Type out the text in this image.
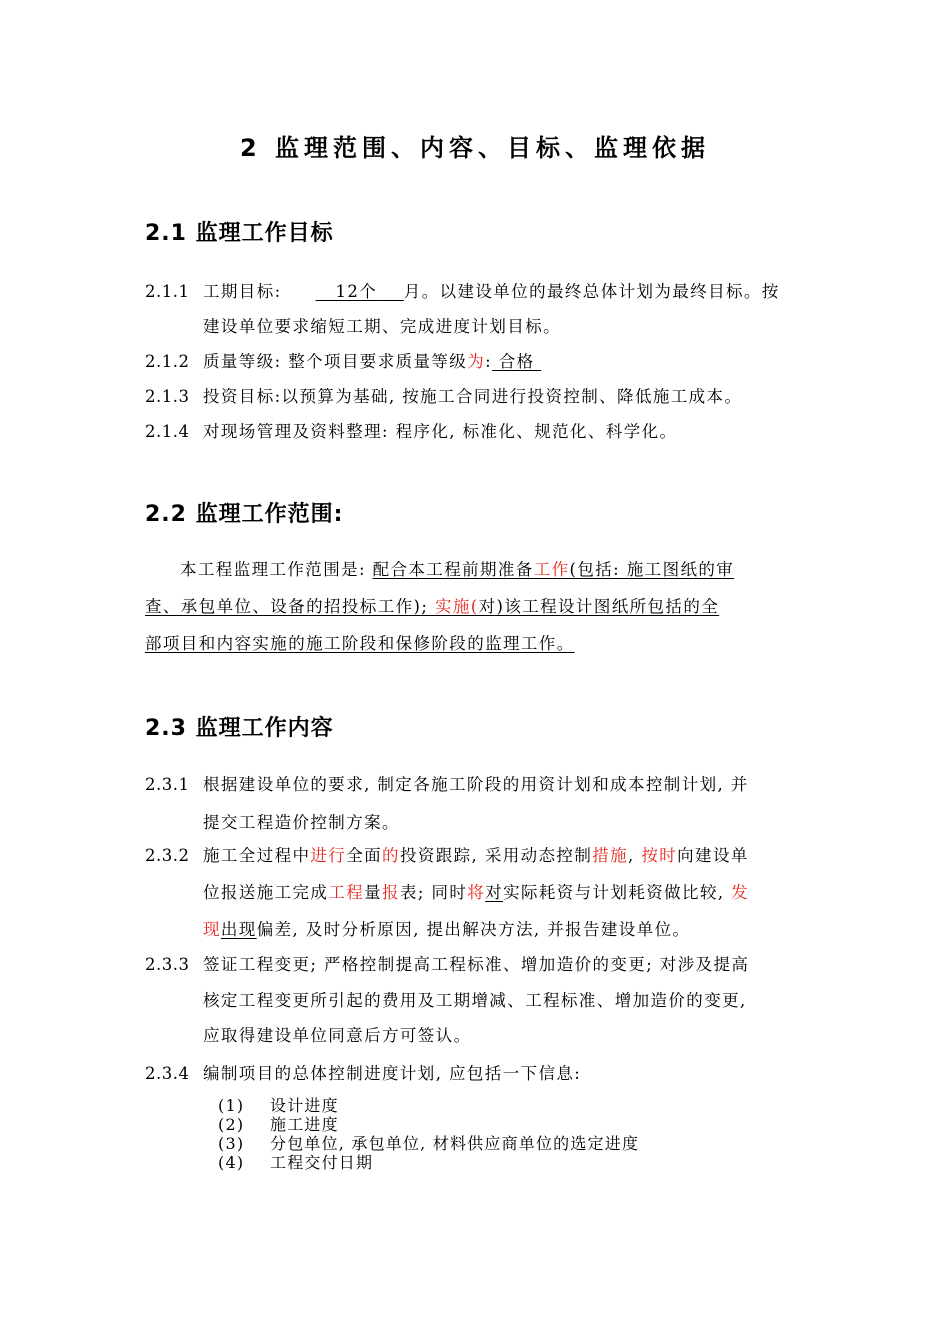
2 监理范围、内容、目标、监理依据
2.1 监理工作目标
2.1.1 工期目标:	12个 月。以建设单位的最终总体计划为最终目标。按
建设单位要求缩短工期、完成进度计划目标。
2.1.2 质量等级: 整个项目要求质量等级为: 合格
2.1.3 投资目标:以预算为基础, 按施工合同进行投资控制、降低施工成本。
2.1.4 对现场管理及资料整理: 程序化, 标准化、规范化、科学化。
2.2 监理工作范围:
本工程监理工作范围是: 配合本工程前期准备工作(包括: 施工图纸的审
查、承包单位、设备的招投标工作); 实施(对)该工程设计图纸所包括的全
部项目和内容实施的施工阶段和保修阶段的监理工作。
2.3 监理工作内容
2.3.1 根据建设单位的要求, 制定各施工阶段的用资计划和成本控制计划, 并
提交工程造价控制方案。
2.3.2 施工全过程中进行全面的投资跟踪, 采用动态控制措施, 按时向建设单
位报送施工完成工程量报表; 同时将对实际耗资与计划耗资做比较, 发
现出现偏差, 及时分析原因, 提出解决方法, 并报告建设单位。
2.3.3 签证工程变更; 严格控制提高工程标准、增加造价的变更; 对涉及提高
核定工程变更所引起的费用及工期增减、工程标准、增加造价的变更,
应取得建设单位同意后方可签认。
2.3.4 编制项目的总体控制进度计划, 应包括一下信息:
(1) 设计进度
(2) 施工进度
(3) 分包单位, 承包单位, 材料供应商单位的选定进度
(4) 工程交付日期
